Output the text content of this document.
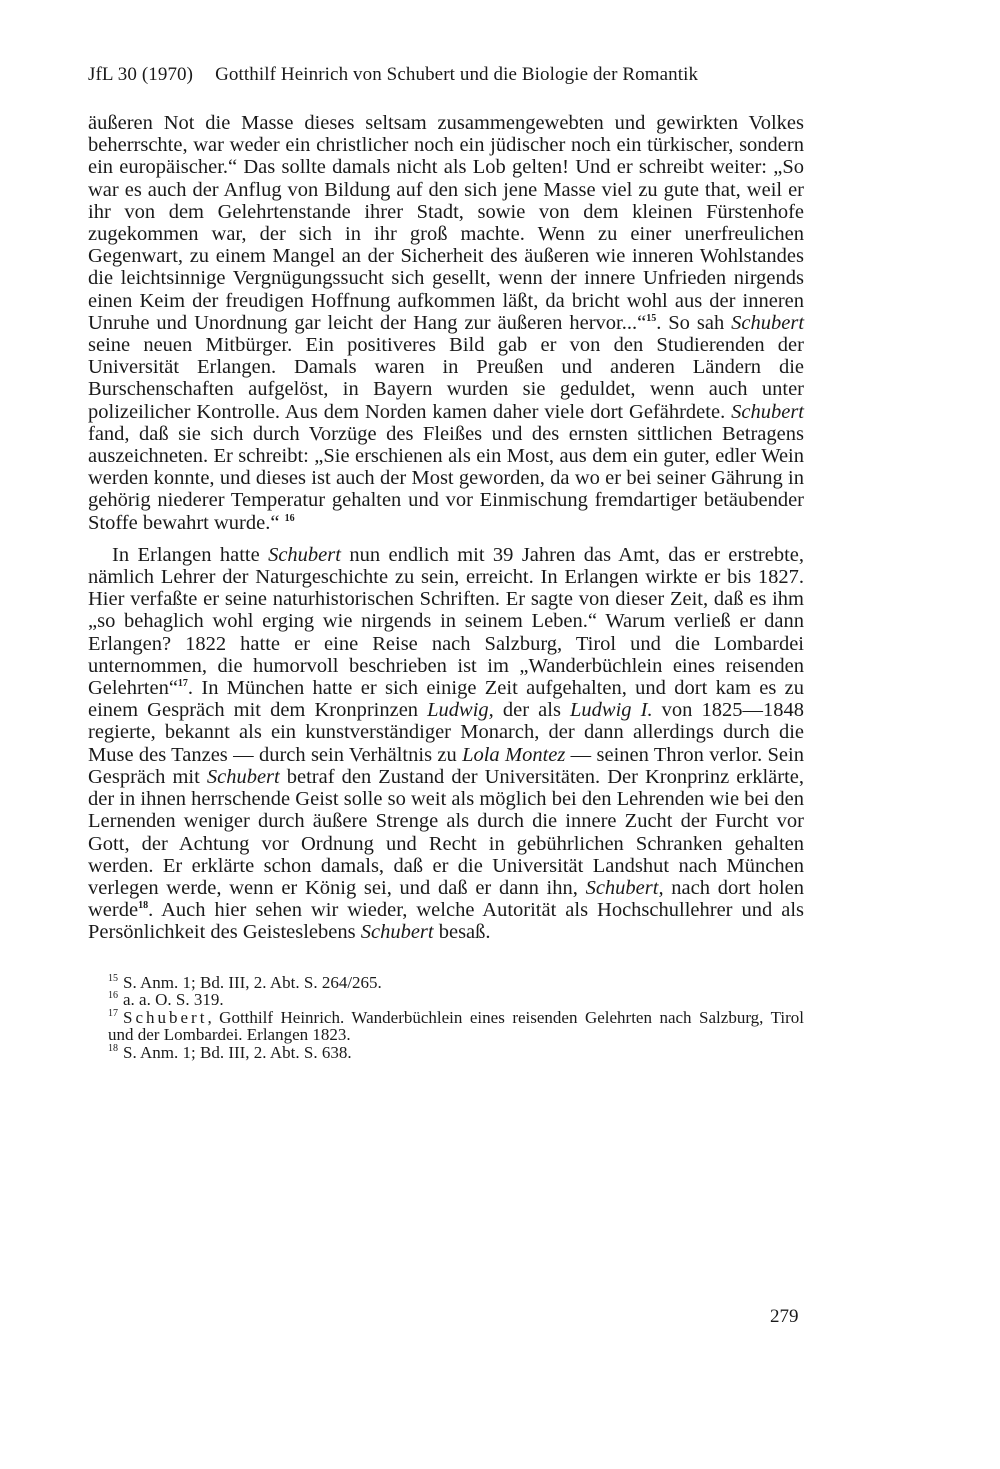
JfL 30 (1970) Gotthilf Heinrich von Schubert und die Biologie der Romantik

äußeren Not die Masse dieses seltsam zusammengewebten und gewirkten Volkes beherrschte, war weder ein christlicher noch ein jüdischer noch ein türkischer, sondern ein europäischer.“ Das sollte damals nicht als Lob gelten! Und er schreibt weiter: „So war es auch der Anflug von Bildung auf den sich jene Masse viel zu gute that, weil er ihr von dem Gelehrtenstande ihrer Stadt, sowie von dem kleinen Fürstenhofe zugekommen war, der sich in ihr groß machte. Wenn zu einer unerfreulichen Gegenwart, zu einem Mangel an der Sicherheit des äußeren wie inneren Wohlstandes die leichtsinnige Vergnügungssucht sich gesellt, wenn der innere Unfrieden nirgends einen Keim der freudigen Hoffnung aufkommen läßt, da bricht wohl aus der inneren Unruhe und Unordnung gar leicht der Hang zur äußeren hervor...“$^{15}$. So sah Schubert seine neuen Mitbürger. Ein positiveres Bild gab er von den Studierenden der Universität Erlangen. Damals waren in Preußen und anderen Ländern die Burschenschaften aufgelöst, in Bayern wurden sie geduldet, wenn auch unter polizeilicher Kontrolle. Aus dem Norden kamen daher viele dort Gefährdete. Schubert fand, daß sie sich durch Vorzüge des Fleißes und des ernsten sittlichen Betragens auszeichneten. Er schreibt: „Sie erschienen als ein Most, aus dem ein guter, edler Wein werden konnte, und dieses ist auch der Most geworden, da wo er bei seiner Gährung in gehörig niederer Temperatur gehalten und vor Einmischung fremdartiger betäubender Stoffe bewahrt wurde.“ $^{16}$

In Erlangen hatte Schubert nun endlich mit 39 Jahren das Amt, das er erstrebte, nämlich Lehrer der Naturgeschichte zu sein, erreicht. In Erlangen wirkte er bis 1827. Hier verfaßte er seine naturhistorischen Schriften. Er sagte von dieser Zeit, daß es ihm „so behaglich wohl erging wie nirgends in seinem Leben.“ Warum verließ er dann Erlangen? 1822 hatte er eine Reise nach Salzburg, Tirol und die Lombardei unternommen, die humorvoll beschrieben ist im „Wanderbüchlein eines reisenden Gelehrten“$^{17}$. In München hatte er sich einige Zeit aufgehalten, und dort kam es zu einem Gespräch mit dem Kronprinzen Ludwig, der als Ludwig I. von 1825—1848 regierte, bekannt als ein kunstverständiger Monarch, der dann allerdings durch die Muse des Tanzes — durch sein Verhältnis zu Lola Montez — seinen Thron verlor. Sein Gespräch mit Schubert betraf den Zustand der Universitäten. Der Kronprinz erklärte, der in ihnen herrschende Geist solle so weit als möglich bei den Lehrenden wie bei den Lernenden weniger durch äußere Strenge als durch die innere Zucht der Furcht vor Gott, der Achtung vor Ordnung und Recht in gebührlichen Schranken gehalten werden. Er erklärte schon damals, daß er die Universität Landshut nach München verlegen werde, wenn er König sei, und daß er dann ihn, Schubert, nach dort holen werde$^{18}$. Auch hier sehen wir wieder, welche Autorität als Hochschullehrer und als Persönlichkeit des Geisteslebens Schubert besaß.

$^{15}$ S. Anm. 1; Bd. III, 2. Abt. S. 264/265.
$^{16}$ a. a. O. S. 319.
$^{17}$ Schubert, Gotthilf Heinrich. Wanderbüchlein eines reisenden Gelehrten nach Salzburg, Tirol und der Lombardei. Erlangen 1823.
$^{18}$ S. Anm. 1; Bd. III, 2. Abt. S. 638.
279
